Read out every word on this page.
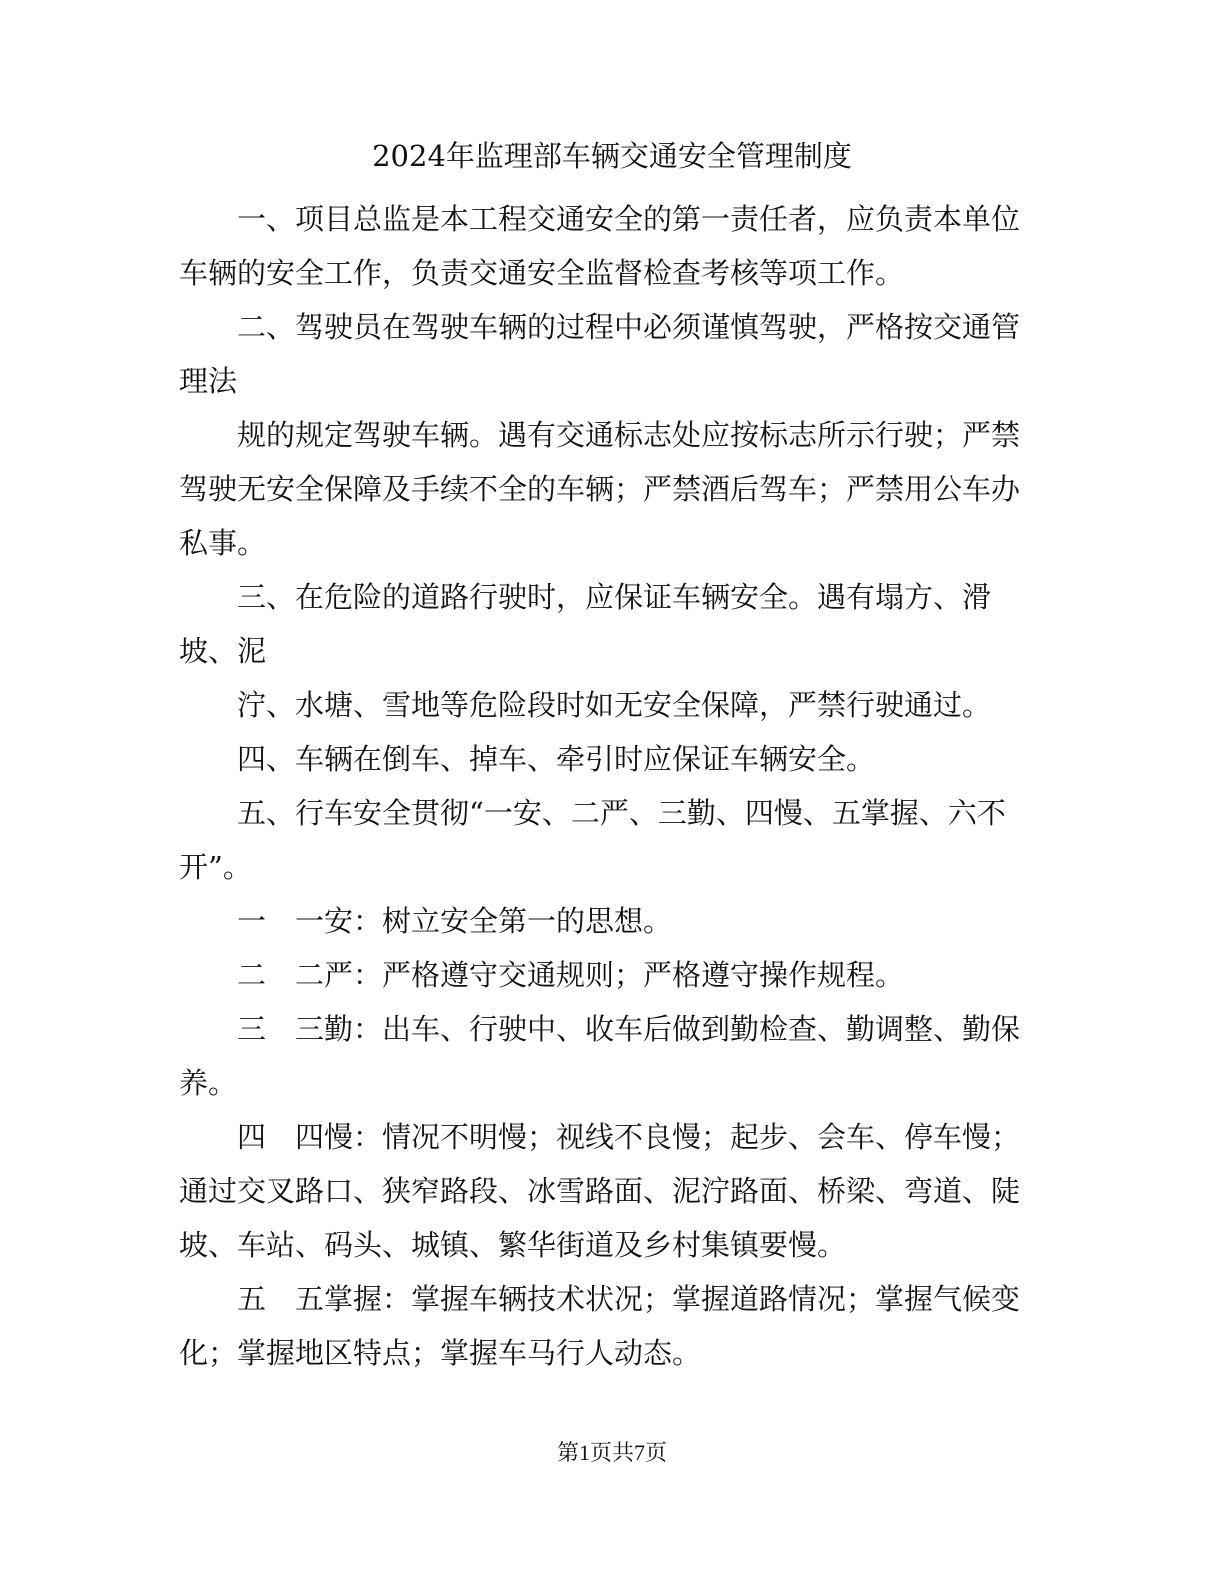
2024年监理部车辆交通安全管理制度

一、项目总监是本工程交通安全的第一责任者，应负责本单位车辆的安全工作，负责交通安全监督检查考核等项工作。

二、驾驶员在驾驶车辆的过程中必须谨慎驾驶，严格按交通管理法

规的规定驾驶车辆。遇有交通标志处应按标志所示行驶；严禁驾驶无安全保障及手续不全的车辆；严禁酒后驾车；严禁用公车办私事。

三、在危险的道路行驶时，应保证车辆安全。遇有塌方、滑坡、泥

泞、水塘、雪地等危险段时如无安全保障，严禁行驶通过。

四、车辆在倒车、掉车、牵引时应保证车辆安全。

五、行车安全贯彻“一安、二严、三勤、四慢、五掌握、六不开”。

一　一安：树立安全第一的思想。

二　二严：严格遵守交通规则；严格遵守操作规程。

三　三勤：出车、行驶中、收车后做到勤检查、勤调整、勤保养。

四　四慢：情况不明慢；视线不良慢；起步、会车、停车慢；通过交叉路口、狭窄路段、冰雪路面、泥泞路面、桥梁、弯道、陡坡、车站、码头、城镇、繁华街道及乡村集镇要慢。

五　五掌握：掌握车辆技术状况；掌握道路情况；掌握气候变化；掌握地区特点；掌握车马行人动态。

第1页共7页
